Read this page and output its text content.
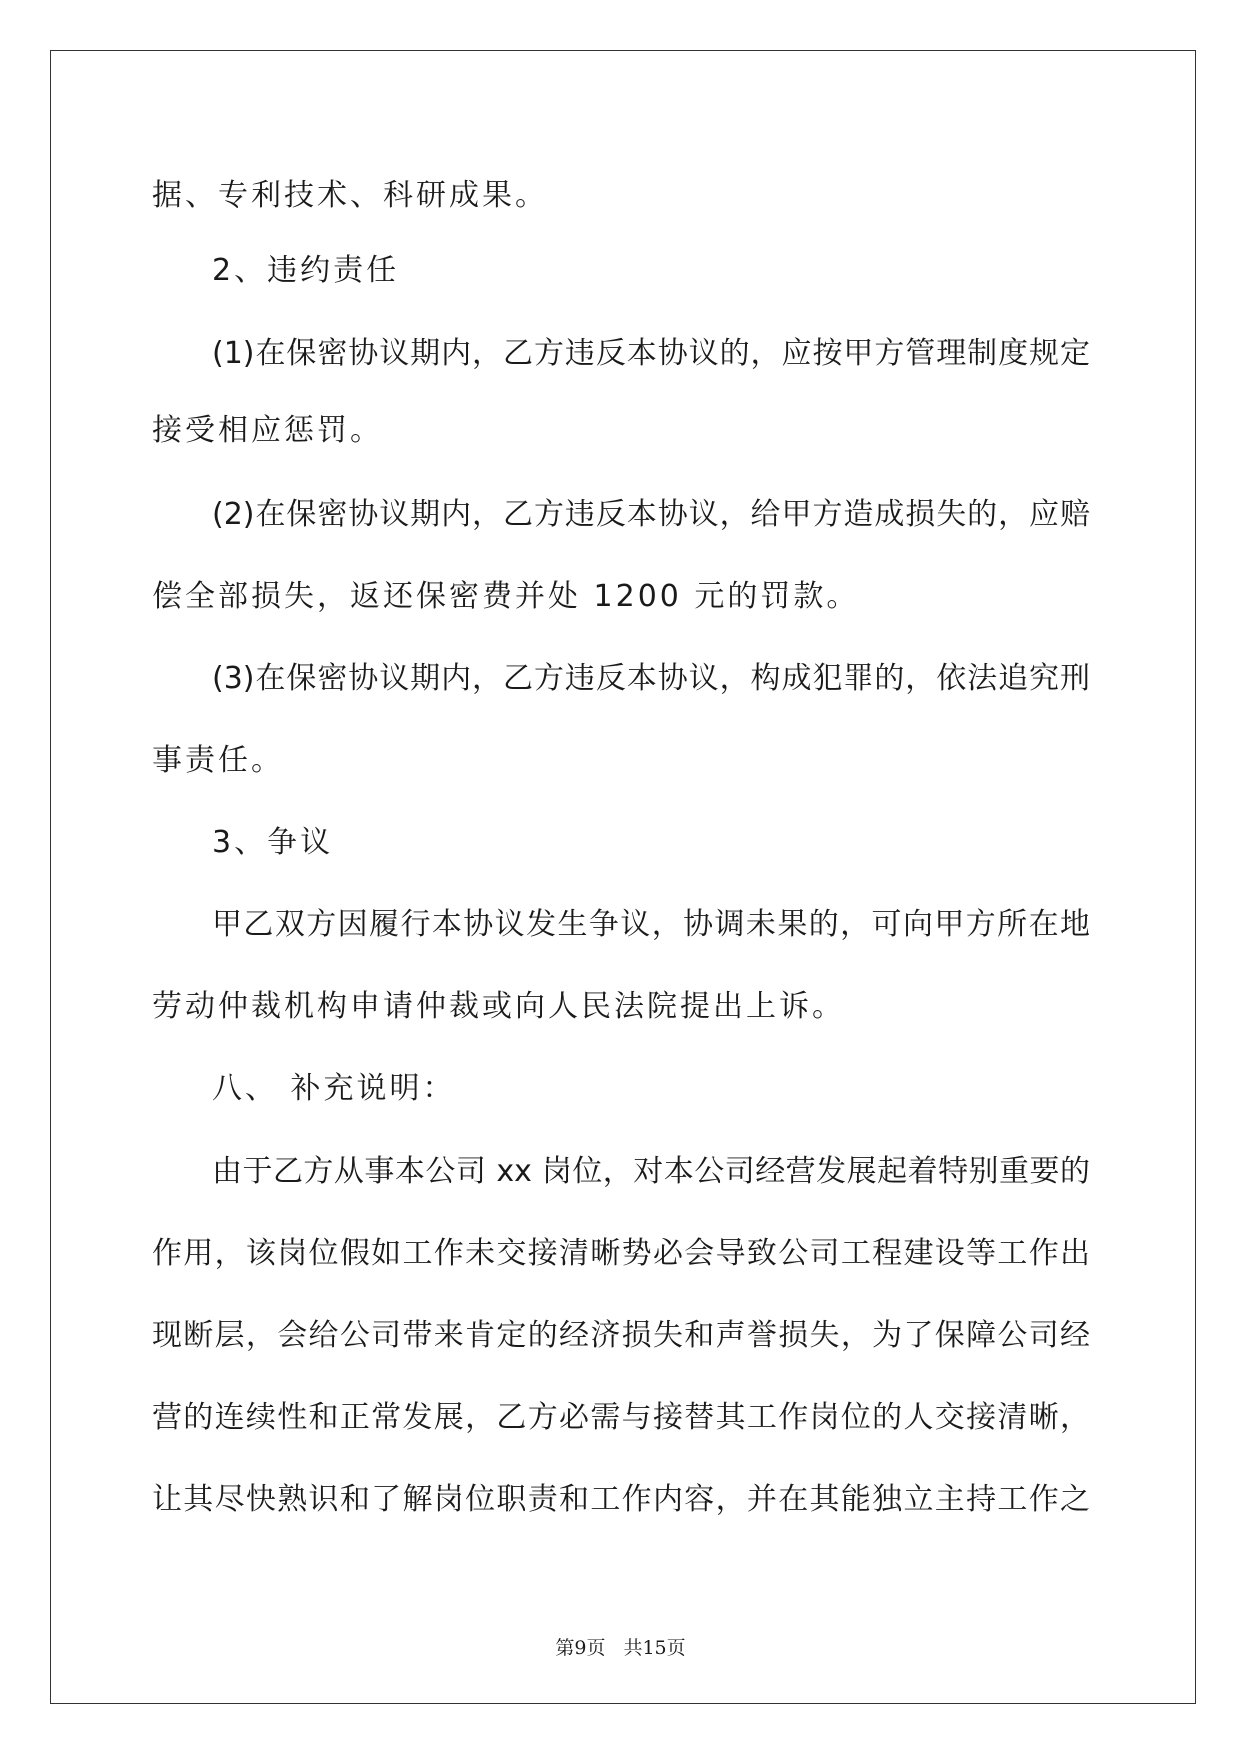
据、专利技术、科研成果。

2、违约责任

(1)在保密协议期内，乙方违反本协议的，应按甲方管理制度规定

接受相应惩罚。

(2)在保密协议期内，乙方违反本协议，给甲方造成损失的，应赔

偿全部损失，返还保密费并处 1200 元的罚款。

(3)在保密协议期内，乙方违反本协议，构成犯罪的，依法追究刑

事责任。

3、争议

甲乙双方因履行本协议发生争议，协调未果的，可向甲方所在地

劳动仲裁机构申请仲裁或向人民法院提出上诉。

八、 补充说明：

由于乙方从事本公司 xx 岗位，对本公司经营发展起着特别重要的

作用，该岗位假如工作未交接清晰势必会导致公司工程建设等工作出

现断层，会给公司带来肯定的经济损失和声誉损失，为了保障公司经

营的连续性和正常发展，乙方必需与接替其工作岗位的人交接清晰，

让其尽快熟识和了解岗位职责和工作内容，并在其能独立主持工作之

第9页 共15页
